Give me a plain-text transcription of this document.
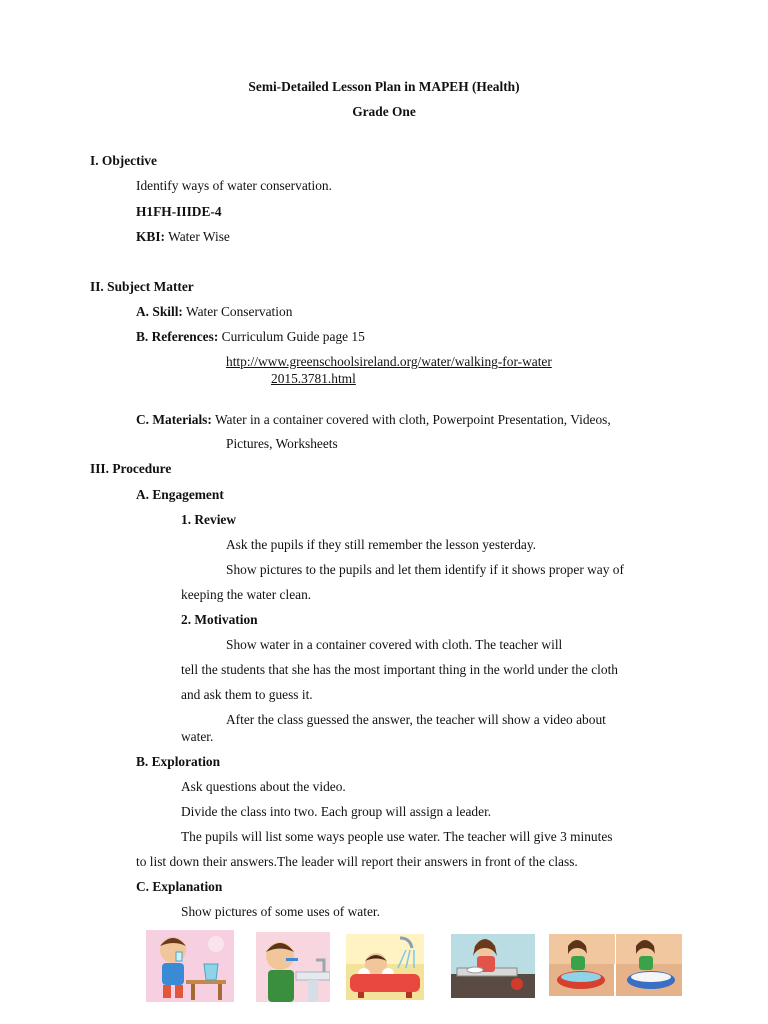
Semi-Detailed Lesson Plan in MAPEH (Health)
Grade One
I. Objective
Identify ways of water conservation.
H1FH-IIIDE-4
KBI: Water Wise
II. Subject Matter
A. Skill: Water Conservation
B. References: Curriculum Guide page 15
http://www.greenschoolsireland.org/water/walking-for-water
2015.3781.html
C. Materials: Water in a container covered with cloth, Powerpoint Presentation, Videos,
Pictures, Worksheets
III. Procedure
A. Engagement
1. Review
Ask the pupils if they still remember the lesson yesterday.
Show pictures to the pupils and let them identify if it shows proper way of
keeping the water clean.
2. Motivation
Show water in a container covered with cloth. The teacher will
tell the students that she has the most important thing in the world under the cloth
and ask them to guess it.
After the class guessed the answer, the teacher will show a video about
water.
B. Exploration
Ask questions about the video.
Divide the class into two. Each group will assign a leader.
The pupils will list some ways people use water. The teacher will give 3 minutes
to list down their answers.The leader will report their answers in front of the class.
C. Explanation
Show pictures of some uses of water.
